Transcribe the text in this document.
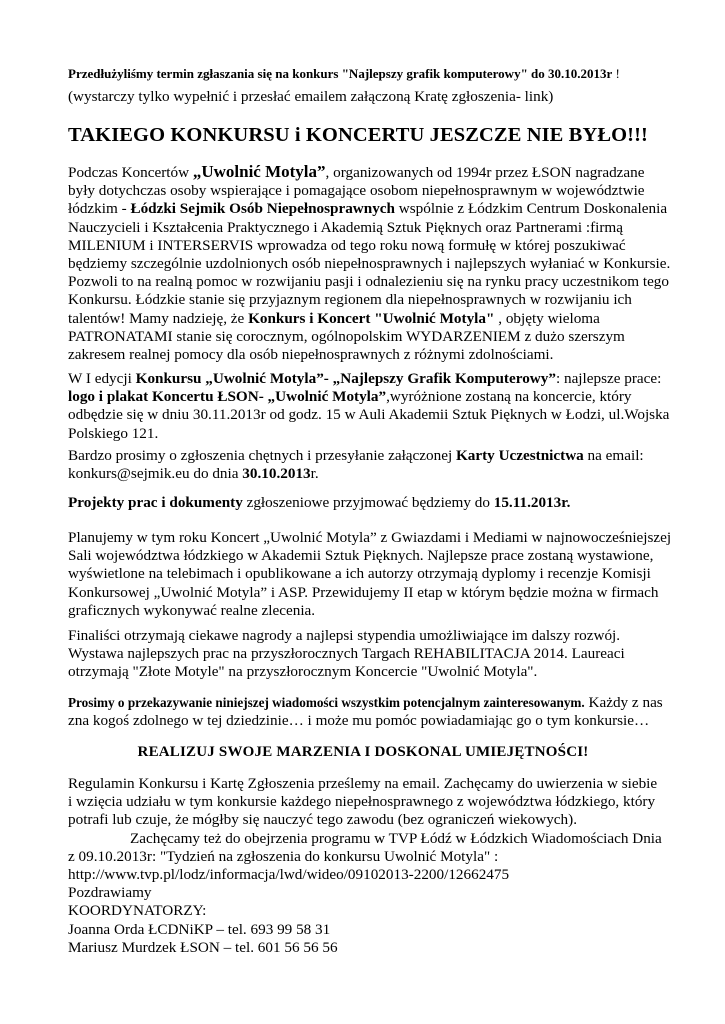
Przedłużyliśmy termin zgłaszania się na konkurs "Najlepszy grafik komputerowy" do 30.10.2013r !
(wystarczy tylko wypełnić i przesłać emailem załączoną Kratę zgłoszenia- link)
TAKIEGO KONKURSU i KONCERTU JESZCZE NIE BYŁO!!!
Podczas Koncertów „Uwolnić Motyla”, organizowanych od 1994r przez ŁSON nagradzane
były dotychczas osoby wspierające i pomagające osobom niepełnosprawnym w województwie
łódzkim - Łódzki Sejmik Osób Niepełnosprawnych wspólnie z Łódzkim Centrum Doskonalenia
Nauczycieli i Kształcenia Praktycznego i Akademią Sztuk Pięknych oraz Partnerami :firmą
MILENIUM i INTERSERVIS wprowadza od tego roku nową formułę w której poszukiwać
będziemy szczególnie uzdolnionych osób niepełnosprawnych i najlepszych wyłaniać w Konkursie.
Pozwoli to na realną pomoc w rozwijaniu pasji i odnalezieniu się na rynku pracy uczestnikom tego
Konkursu. Łódzkie stanie się przyjaznym regionem dla niepełnosprawnych w rozwijaniu ich
talentów! Mamy nadzieję, że Konkurs i Koncert "Uwolnić Motyla" , objęty wieloma
PATRONATAMI stanie się corocznym, ogólnopolskim WYDARZENIEM z dużo szerszym
zakresem realnej pomocy dla osób niepełnosprawnych z różnymi zdolnościami.
W I edycji Konkursu „Uwolnić Motyla”- „Najlepszy Grafik Komputerowy”: najlepsze prace:
logo i plakat Koncertu ŁSON- „Uwolnić Motyla”,wyróżnione zostaną na koncercie, który
odbędzie się w dniu 30.11.2013r od godz. 15 w Auli Akademii Sztuk Pięknych w Łodzi, ul.Wojska
Polskiego 121.
Bardzo prosimy o zgłoszenia chętnych i przesyłanie załączonej Karty Uczestnictwa na email:
konkurs@sejmik.eu do dnia 30.10.2013r.
Projekty prac i dokumenty zgłoszeniowe przyjmować będziemy do 15.11.2013r.
Planujemy w tym roku Koncert „Uwolnić Motyla” z Gwiazdami i Mediami w najnowocześniejszej
Sali województwa łódzkiego w Akademii Sztuk Pięknych. Najlepsze prace zostaną wystawione,
wyświetlone na telebimach i opublikowane a ich autorzy otrzymają dyplomy i recenzje Komisji
Konkursowej „Uwolnić Motyla” i ASP. Przewidujemy II etap w którym będzie można w firmach
graficznych wykonywać realne zlecenia.
Finaliści otrzymają ciekawe nagrody a najlepsi stypendia umożliwiające im dalszy rozwój.
Wystawa najlepszych prac na przyszłorocznych Targach REHABILITACJA 2014. Laureaci
otrzymają "Złote Motyle" na przyszłorocznym Koncercie "Uwolnić Motyla".
Prosimy o przekazywanie niniejszej wiadomości wszystkim potencjalnym zainteresowanym. Każdy z nas
zna kogoś zdolnego w tej dziedzinie… i może mu pomóc powiadamiając go o tym konkursie…
REALIZUJ SWOJE MARZENIA I DOSKONAL UMIEJĘTNOŚCI!
Regulamin Konkursu i Kartę Zgłoszenia prześlemy na email. Zachęcamy do uwierzenia w siebie
i wzięcia udziału w tym konkursie każdego niepełnosprawnego z województwa łódzkiego, który
potrafi lub czuje, że mógłby się nauczyć tego zawodu (bez ograniczeń wiekowych).
Zachęcamy też do obejrzenia programu w TVP Łódź w Łódzkich Wiadomościach Dnia
z 09.10.2013r: "Tydzień na zgłoszenia do konkursu Uwolnić Motyla" :
http://www.tvp.pl/lodz/informacja/lwd/wideo/09102013-2200/12662475
Pozdrawiamy
KOORDYNATORZY:
Joanna Orda ŁCDNiKP – tel. 693 99 58 31
Mariusz Murdzek ŁSON – tel. 601 56 56 56
